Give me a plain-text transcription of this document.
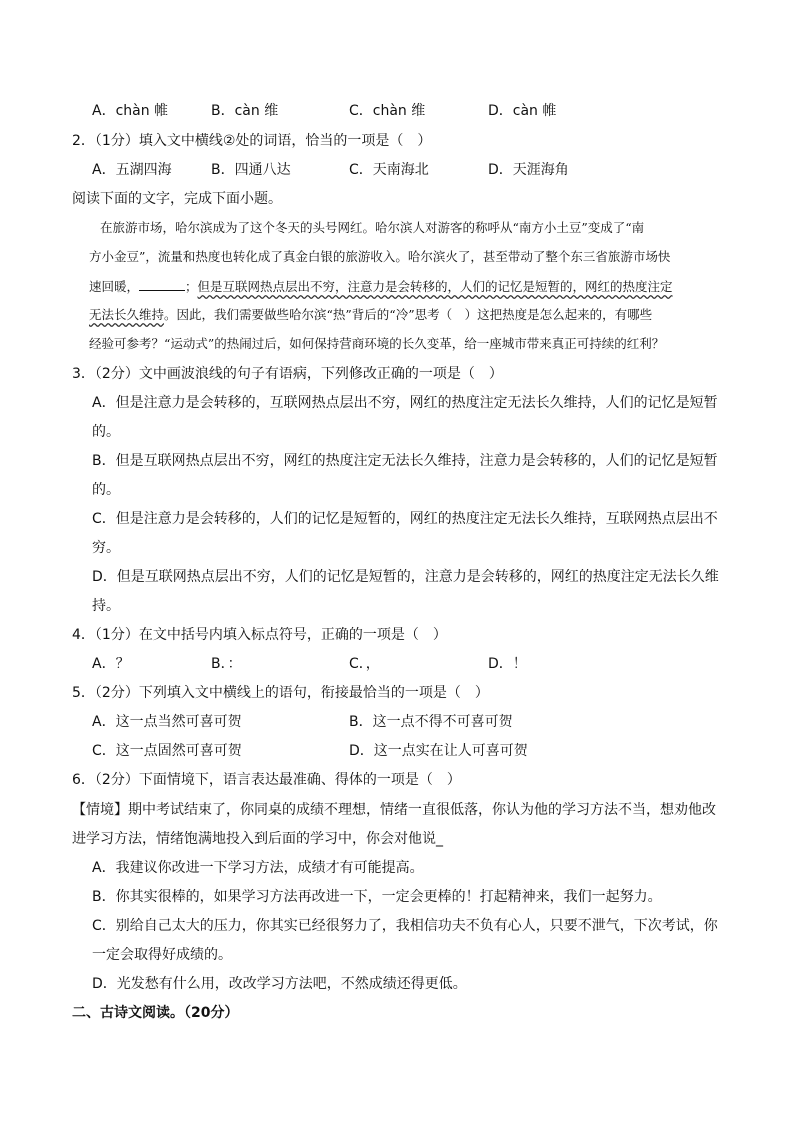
A．chàn 帷	B．càn 维	C．chàn 维	D．càn 帷
2．（1分）填入文中横线②处的词语，恰当的一项是（　）
A．五湖四海	B．四通八达	C．天南海北	D．天涯海角
阅读下面的文字，完成下面小题。
在旅游市场，哈尔滨成为了这个冬天的头号网红。哈尔滨人对游客的称呼从“南方小土豆”变成了“南
方小金豆”，流量和热度也转化成了真金白银的旅游收入。哈尔滨火了，甚至带动了整个东三省旅游市场快
速回暖，	；但是互联网热点层出不穷，注意力是会转移的，人们的记忆是短暂的，网红的热度注定
无法长久维持。因此，我们需要做些哈尔滨“热”背后的“冷”思考（　）这把热度是怎么起来的，有哪些
经验可参考？“运动式”的热闹过后，如何保持营商环境的长久变革，给一座城市带来真正可持续的红利？
3．（2分）文中画波浪线的句子有语病，下列修改正确的一项是（　）
A．但是注意力是会转移的，互联网热点层出不穷，网红的热度注定无法长久维持，人们的记忆是短暂
的。
B．但是互联网热点层出不穷，网红的热度注定无法长久维持，注意力是会转移的，人们的记忆是短暂
的。
C．但是注意力是会转移的，人们的记忆是短暂的，网红的热度注定无法长久维持，互联网热点层出不
穷。
D．但是互联网热点层出不穷，人们的记忆是短暂的，注意力是会转移的，网红的热度注定无法长久维
持。
4．（1分）在文中括号内填入标点符号，正确的一项是（　）
A．？	B．：	C．，	D．！
5．（2分）下列填入文中横线上的语句，衔接最恰当的一项是（　）
A．这一点当然可喜可贺	B．这一点不得不可喜可贺
C．这一点固然可喜可贺	D．这一点实在让人可喜可贺
6．（2分）下面情境下，语言表达最准确、得体的一项是（　）
【情境】期中考试结束了，你同桌的成绩不理想，情绪一直很低落，你认为他的学习方法不当，想劝他改
进学习方法，情绪饱满地投入到后面的学习中，你会对他说_
A．我建议你改进一下学习方法，成绩才有可能提高。
B．你其实很棒的，如果学习方法再改进一下，一定会更棒的！打起精神来，我们一起努力。
C．别给自己太大的压力，你其实已经很努力了，我相信功夫不负有心人，只要不泄气，下次考试，你
一定会取得好成绩的。
D．光发愁有什么用，改改学习方法吧，不然成绩还得更低。
二、古诗文阅读。（20分）
